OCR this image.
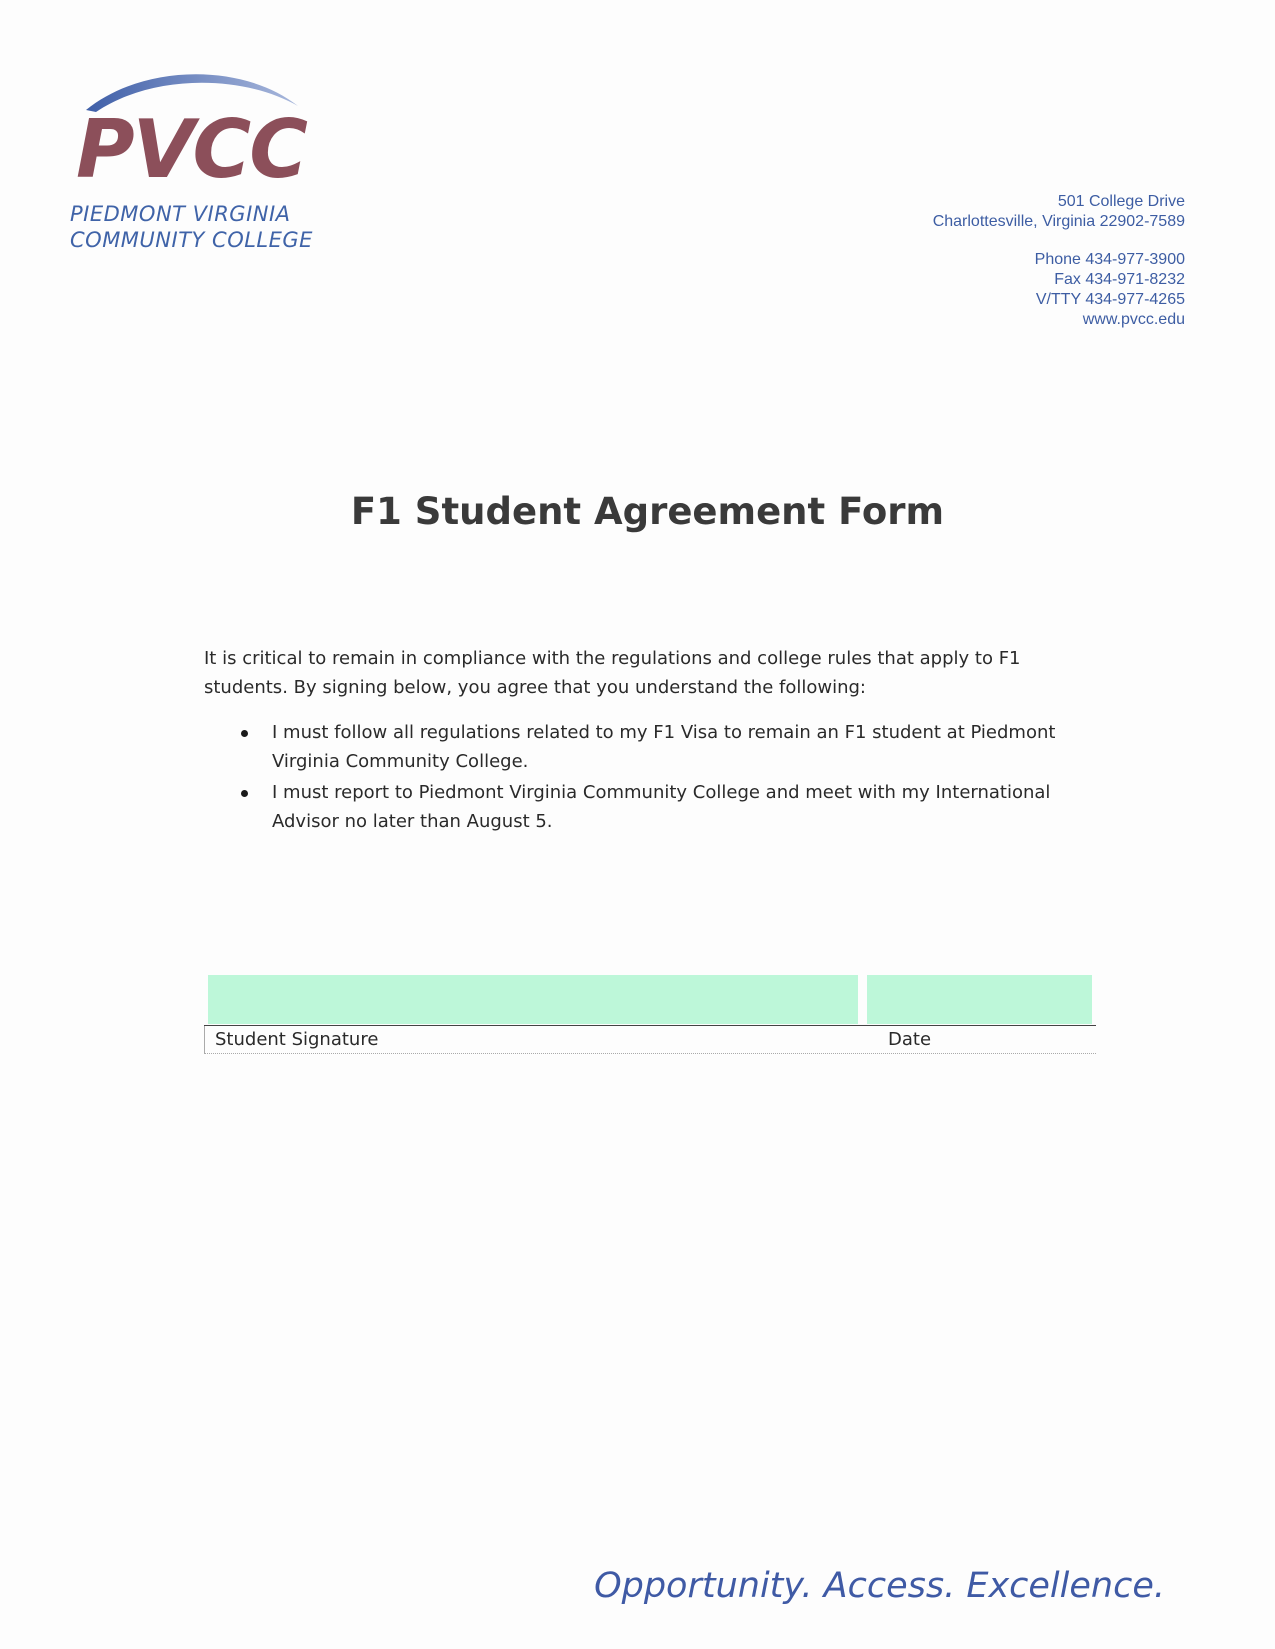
PVCC
PIEDMONT VIRGINIA
COMMUNITY COLLEGE
501 College Drive
Charlottesville, Virginia 22902-7589
Phone 434-977-3900
Fax 434-971-8232
V/TTY 434-977-4265
www.pvcc.edu
F1 Student Agreement Form

It is critical to remain in compliance with the regulations and college rules that apply to F1 students. By signing below, you agree that you understand the following:

I must follow all regulations related to my F1 Visa to remain an F1 student at Piedmont Virginia Community College.
I must report to Piedmont Virginia Community College and meet with my International Advisor no later than August 5.
Student Signature	Date
Opportunity. Access. Excellence.
